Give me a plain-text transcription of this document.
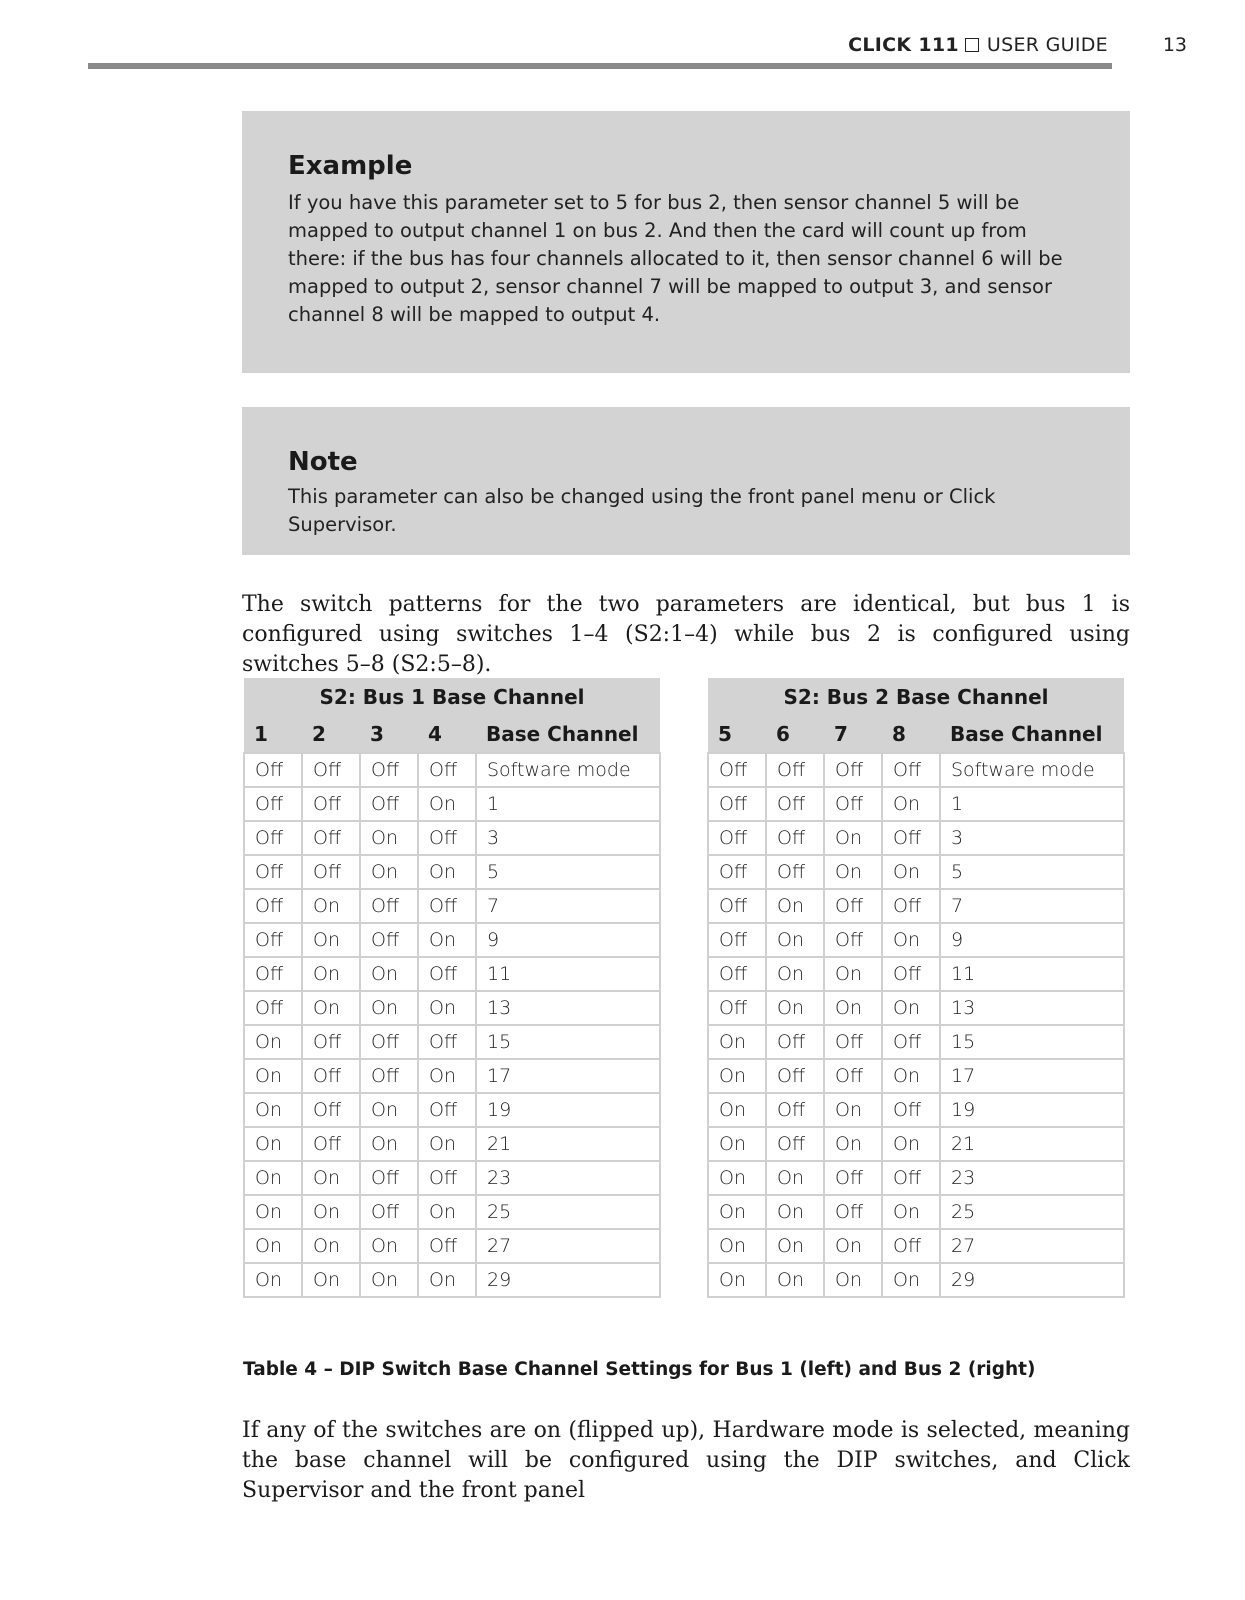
CLICK 111 USER GUIDE	13
Example

If you have this parameter set to 5 for bus 2, then sensor channel 5 will be mapped to output channel 1 on bus 2. And then the card will count up from there: if the bus has four channels allocated to it, then sensor channel 6 will be mapped to output 2, sensor channel 7 will be mapped to output 3, and sensor channel 8 will be mapped to output 4.

Note

This parameter can also be changed using the front panel menu or Click Supervisor.

The switch patterns for the two parameters are identical, but bus 1 is configured using switches 1–4 (S2:1–4) while bus 2 is configured using switches 5–8 (S2:5–8).

S2: Bus 1 Base Channel				
1	2	3	4	Base Channel
Off	Off	Off	Off	Software mode
Off	Off	Off	On	1
Off	Off	On	Off	3
Off	Off	On	On	5
Off	On	Off	Off	7
Off	On	Off	On	9
Off	On	On	Off	11
Off	On	On	On	13
On	Off	Off	Off	15
On	Off	Off	On	17
On	Off	On	Off	19
On	Off	On	On	21
On	On	Off	Off	23
On	On	Off	On	25
On	On	On	Off	27
On	On	On	On	29
S2: Bus 2 Base Channel				
5	6	7	8	Base Channel
Off	Off	Off	Off	Software mode
Off	Off	Off	On	1
Off	Off	On	Off	3
Off	Off	On	On	5
Off	On	Off	Off	7
Off	On	Off	On	9
Off	On	On	Off	11
Off	On	On	On	13
On	Off	Off	Off	15
On	Off	Off	On	17
On	Off	On	Off	19
On	Off	On	On	21
On	On	Off	Off	23
On	On	Off	On	25
On	On	On	Off	27
On	On	On	On	29

Table 4 – DIP Switch Base Channel Settings for Bus 1 (left) and Bus 2 (right)

If any of the switches are on (flipped up), Hardware mode is selected, meaning the base channel will be configured using the DIP switches, and Click Supervisor and the front panel
